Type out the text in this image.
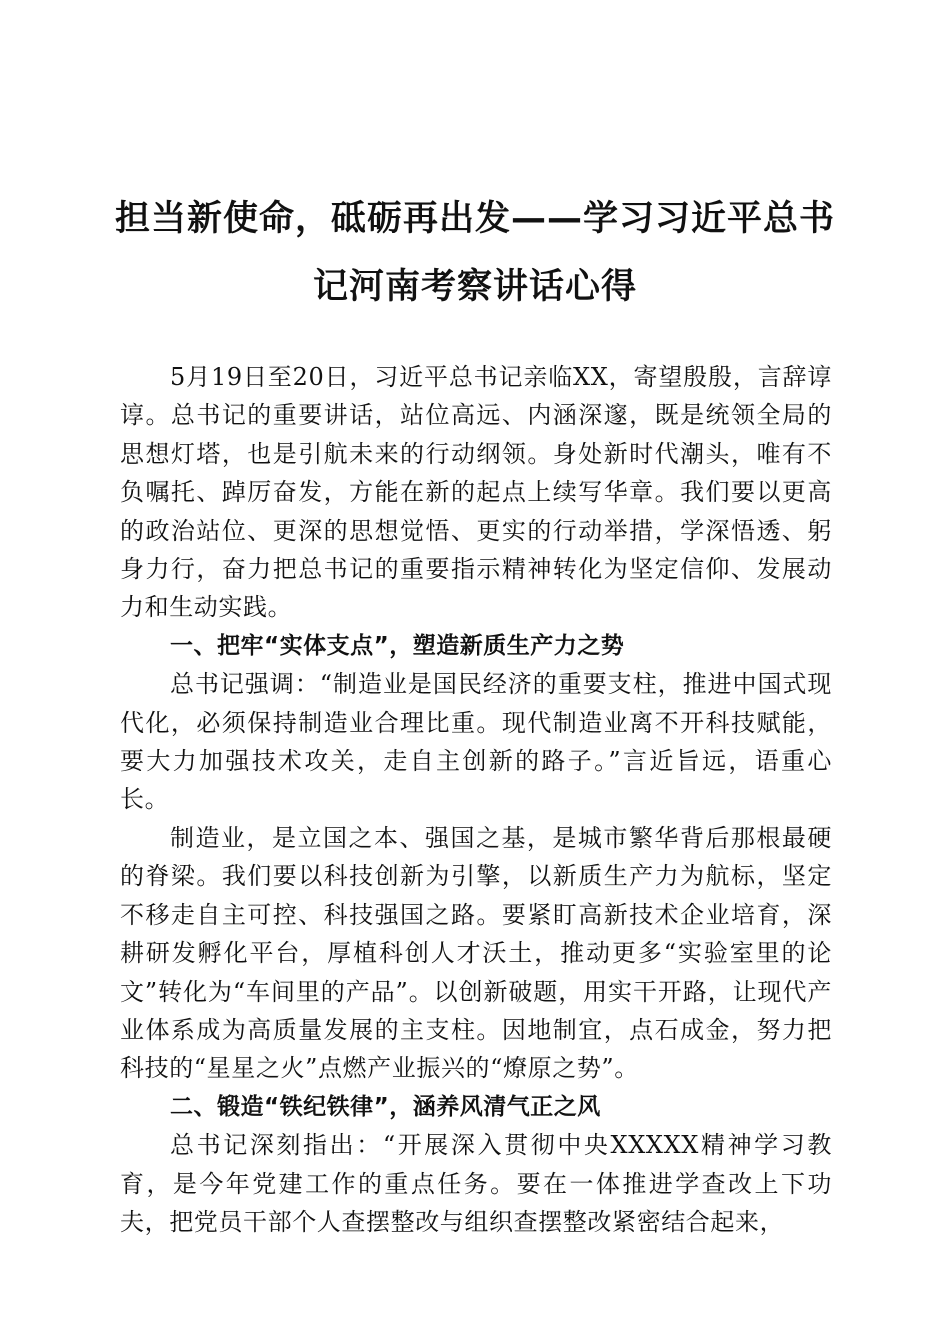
担当新使命，砥砺再出发——学习习近平总书
记河南考察讲话心得

5月19日至20日，习近平总书记亲临XX，寄望殷殷，言辞谆谆。总书记的重要讲话，站位高远、内涵深邃，既是统领全局的思想灯塔，也是引航未来的行动纲领。身处新时代潮头，唯有不负嘱托、踔厉奋发，方能在新的起点上续写华章。我们要以更高的政治站位、更深的思想觉悟、更实的行动举措，学深悟透、躬身力行，奋力把总书记的重要指示精神转化为坚定信仰、发展动力和生动实践。

一、把牢“实体支点”，塑造新质生产力之势

总书记强调：“制造业是国民经济的重要支柱，推进中国式现代化，必须保持制造业合理比重。现代制造业离不开科技赋能，要大力加强技术攻关，走自主创新的路子。”言近旨远，语重心长。

制造业，是立国之本、强国之基，是城市繁华背后那根最硬的脊梁。我们要以科技创新为引擎，以新质生产力为航标，坚定不移走自主可控、科技强国之路。要紧盯高新技术企业培育，深耕研发孵化平台，厚植科创人才沃土，推动更多“实验室里的论文”转化为“车间里的产品”。以创新破题，用实干开路，让现代产业体系成为高质量发展的主支柱。因地制宜，点石成金，努力把科技的“星星之火”点燃产业振兴的“燎原之势”。

二、锻造“铁纪铁律”，涵养风清气正之风

总书记深刻指出：“开展深入贯彻中央XXXXX精神学习教育，是今年党建工作的重点任务。要在一体推进学查改上下功夫，把党员干部个人查摆整改与组织查摆整改紧密结合起来，
